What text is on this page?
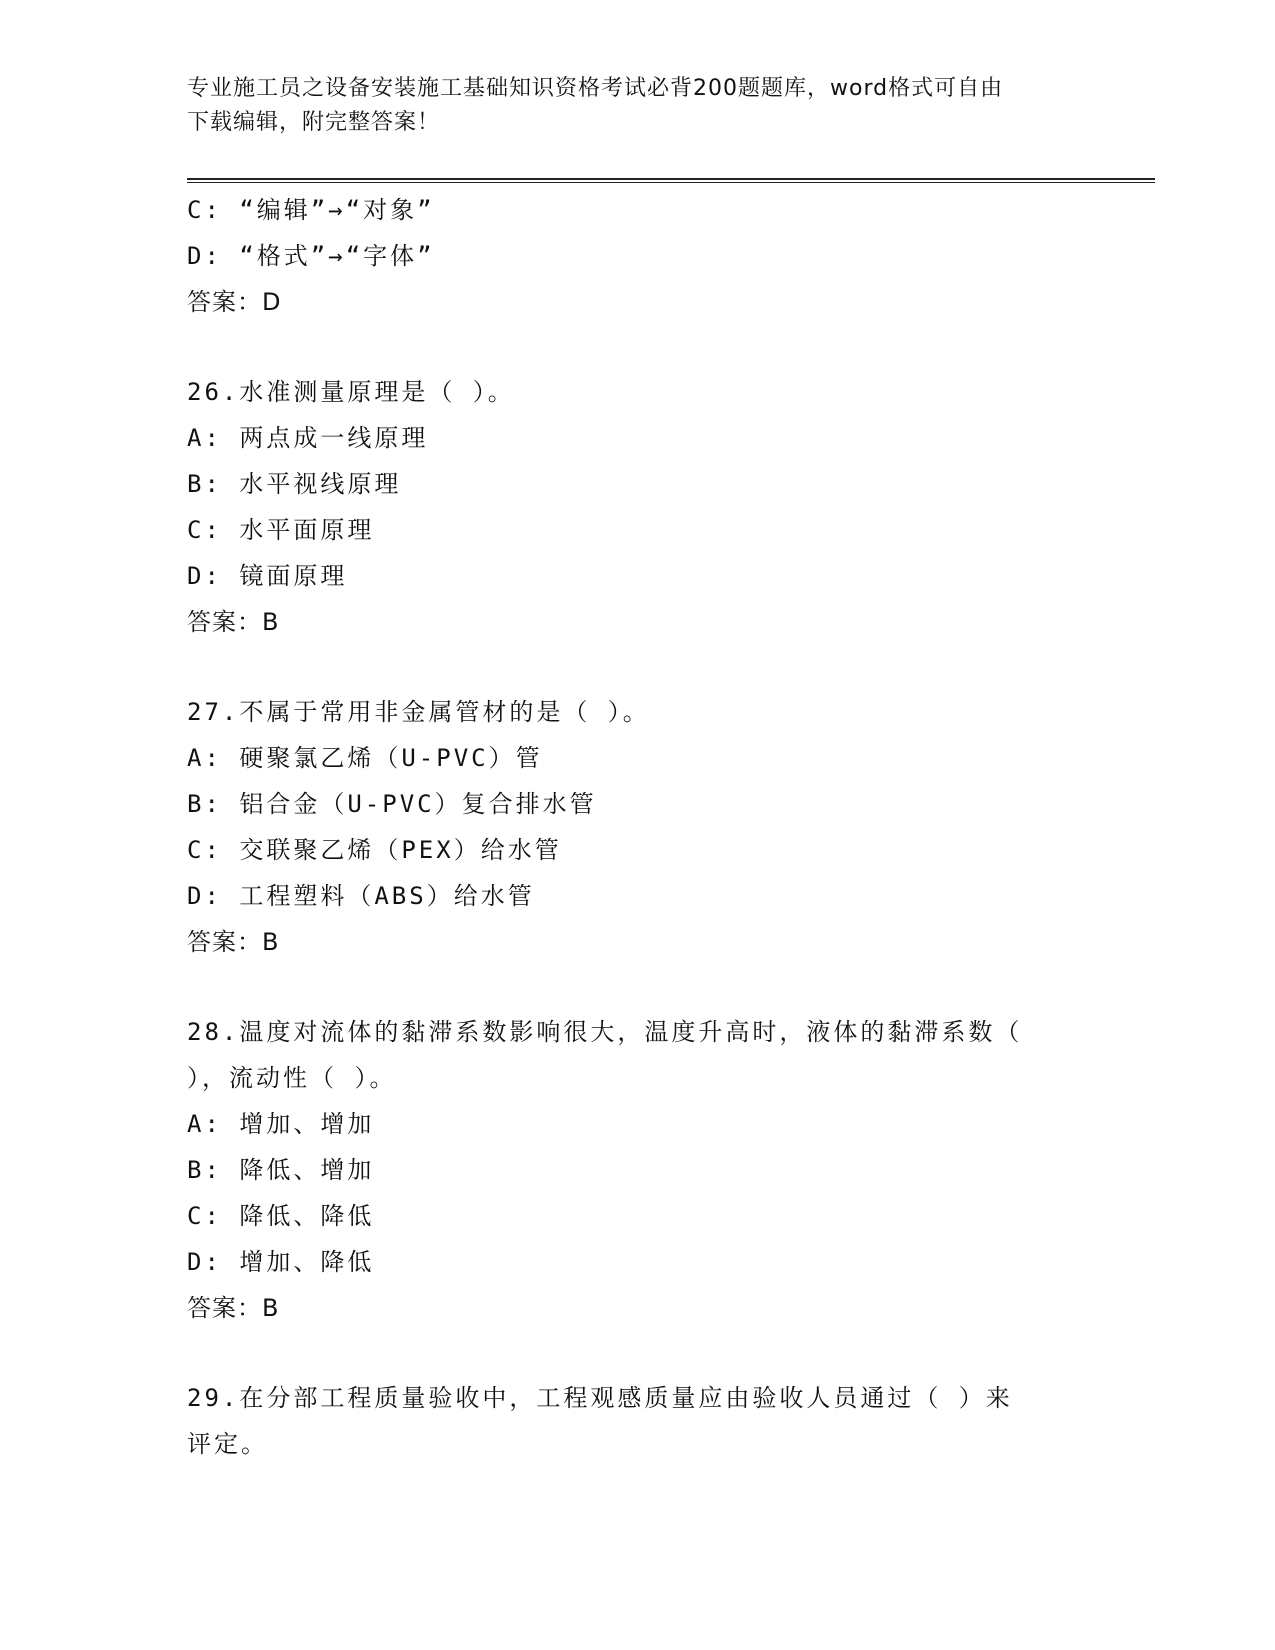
专业施工员之设备安装施工基础知识资格考试必背200题题库，word格式可自由
下载编辑，附完整答案！
C: “编辑”→“对象”
D: “格式”→“字体”
答案：D
26.水准测量原理是（ ）。
A: 两点成一线原理
B: 水平视线原理
C: 水平面原理
D: 镜面原理
答案：B
27.不属于常用非金属管材的是（ ）。
A: 硬聚氯乙烯（U-PVC）管
B: 铝合金（U-PVC）复合排水管
C: 交联聚乙烯（PEX）给水管
D: 工程塑料（ABS）给水管
答案：B
28.温度对流体的黏滞系数影响很大，温度升高时，液体的黏滞系数（
），流动性（ ）。
A: 增加、增加
B: 降低、增加
C: 降低、降低
D: 增加、降低
答案：B
29.在分部工程质量验收中，工程观感质量应由验收人员通过（ ）来
评定。
